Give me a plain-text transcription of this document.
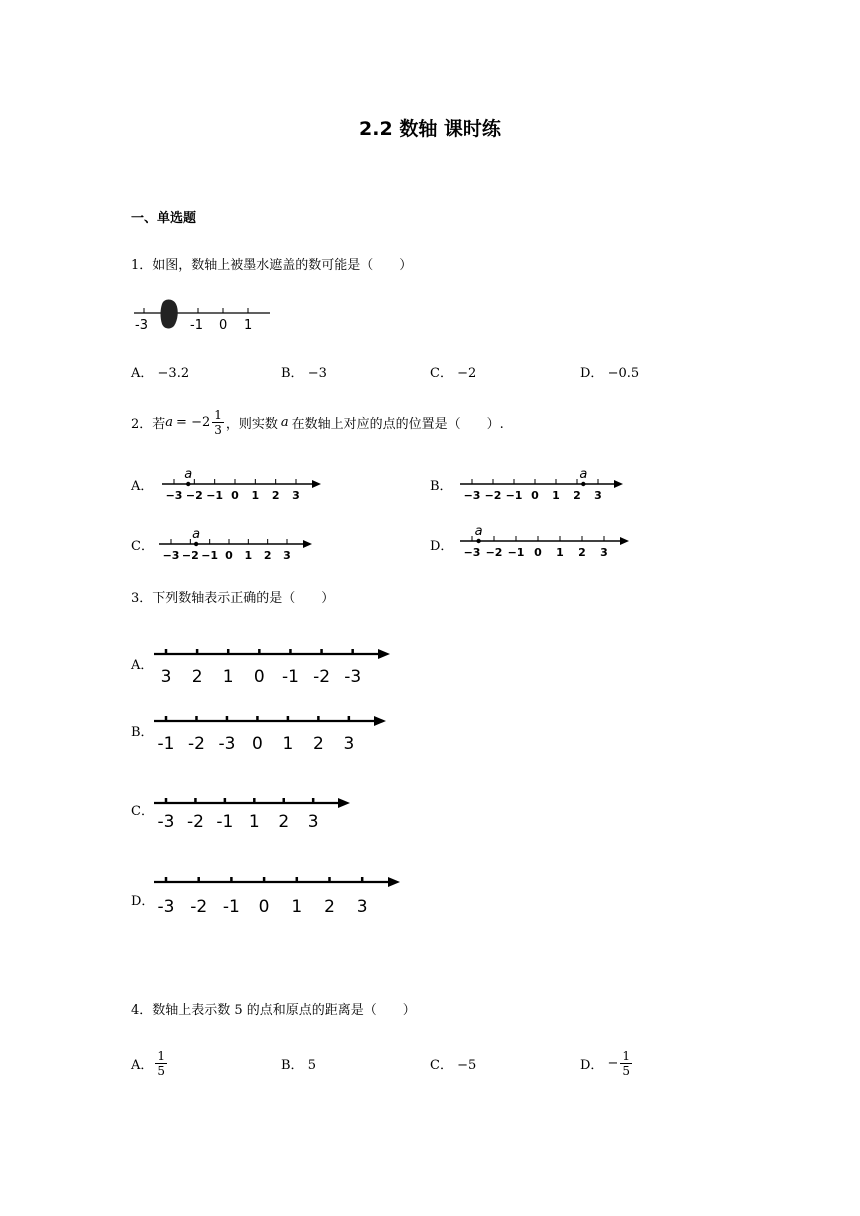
2.2 数轴 课时练
一、单选题
1．如图，数轴上被墨水遮盖的数可能是（　　）
-3	-1 0 1
A． −3.2	B． −3	C． −2	D． −0.5
2．若 $a = -2 \frac{1}{3}$ ，则实数 a 在数轴上对应的点的位置是（　　）.
A．
−3 −2 −1 0 1 2 3
a
B．
−3 −2 −1 0 1 2 3
a
C．
−3 −2 −1 0 1 2 3
a
D． −3 −2 −1 0 1 2 3
a
3．下列数轴表示正确的是（　　）
A．
3 2 1 0 -1 -2 -3
B．
-1 -2 -3 0 1 2 3
C．
-3 -2 -1 1 2 3
D． -3 -2 -1 0 1 2 3
4．数轴上表示数 5 的点和原点的距离是（　　）
A． $\frac{1}{5}$	B． 5	C． −5	D． − $\frac{1}{5}$
